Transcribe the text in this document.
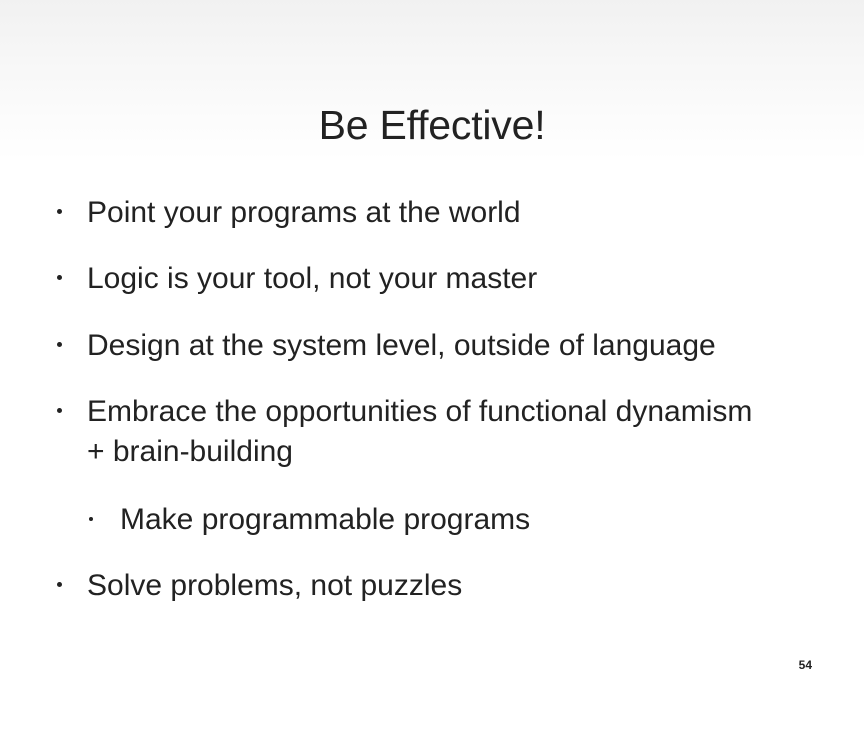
Be Effective!
Point your programs at the world
Logic is your tool, not your master
Design at the system level, outside of language
Embrace the opportunities of functional dynamism
+ brain-building
Make programmable programs
Solve problems, not puzzles
54
